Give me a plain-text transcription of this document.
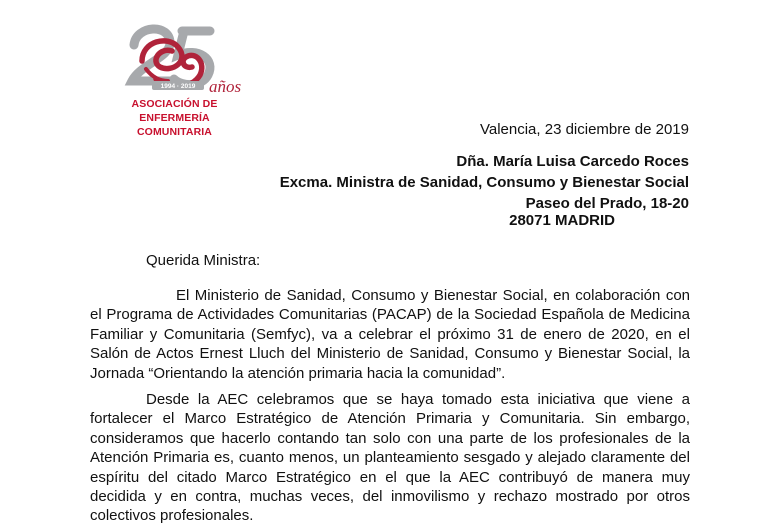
1994 · 2019 años
ASOCIACIÓN DE
ENFERMERÍA COMUNITARIA	Valencia, 23 diciembre de 2019
Dña. María Luisa Carcedo Roces
Excma. Ministra de Sanidad, Consumo y Bienestar Social
Paseo del Prado, 18-20
28071 MADRID
Querida Ministra:

El Ministerio de Sanidad, Consumo y Bienestar Social, en colaboración con el Programa de Actividades Comunitarias (PACAP) de la Sociedad Española de Medicina Familiar y Comunitaria (Semfyc), va a celebrar el próximo 31 de enero de 2020, en el Salón de Actos Ernest Lluch del Ministerio de Sanidad, Consumo y Bienestar Social, la Jornada “Orientando la atención primaria hacia la comunidad”.

Desde la AEC celebramos que se haya tomado esta iniciativa que viene a fortalecer el Marco Estratégico de Atención Primaria y Comunitaria. Sin embargo, consideramos que hacerlo contando tan solo con una parte de los profesionales de la Atención Primaria es, cuanto menos, un planteamiento sesgado y alejado claramente del espíritu del citado Marco Estratégico en el que la AEC contribuyó de manera muy decidida y en contra, muchas veces, del inmovilismo y rechazo mostrado por otros colectivos profesionales.
